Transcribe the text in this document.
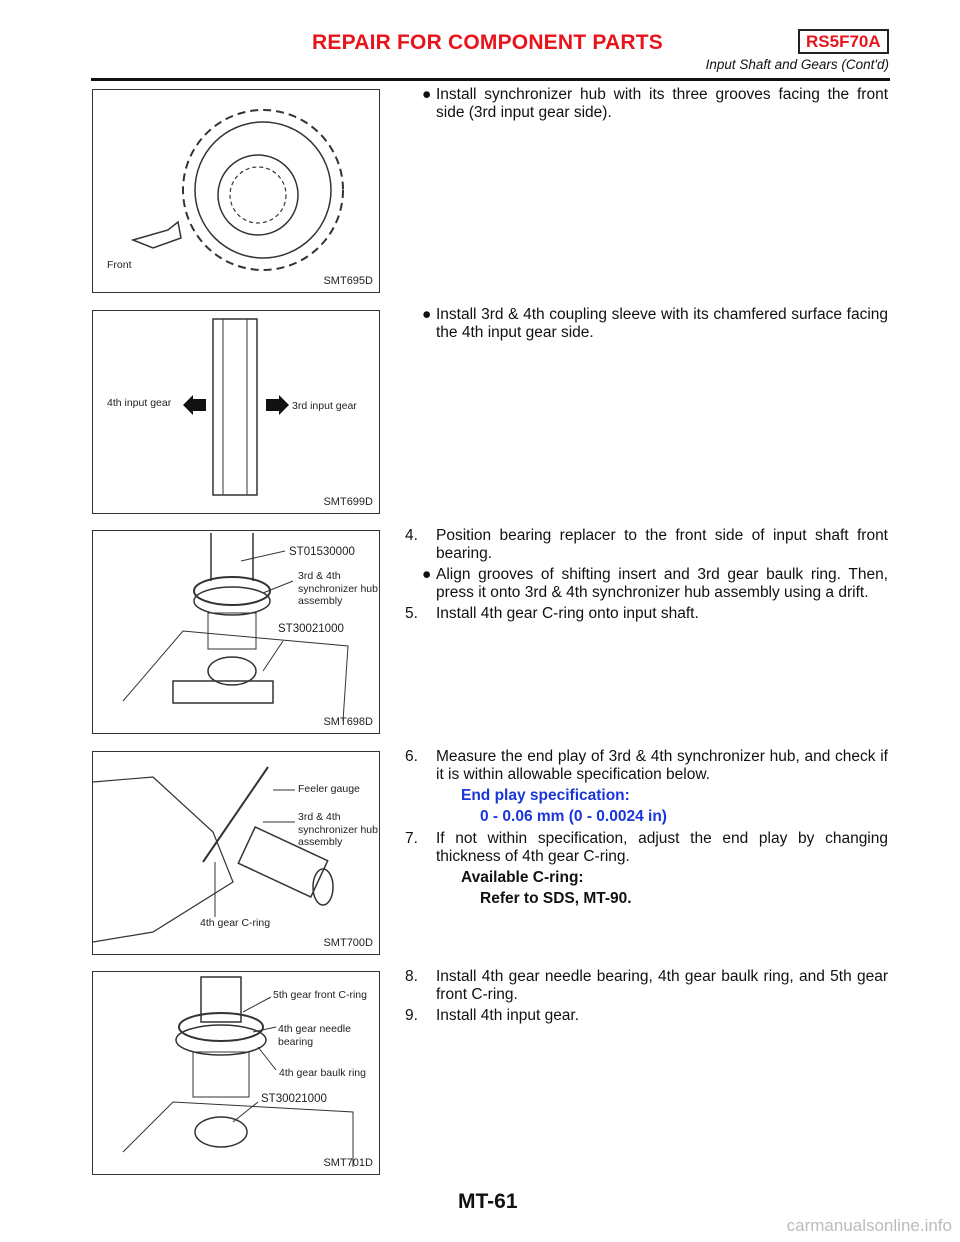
REPAIR FOR COMPONENT PARTS	RS5F70A
Input Shaft and Gears (Cont'd)
Front
SMT695D
4th input gear	3rd input gear
SMT699D
ST01530000
3rd & 4th synchronizer hub assembly
ST30021000
SMT698D
Feeler gauge
3rd & 4th synchronizer hub assembly
4th gear C-ring
SMT700D
5th gear front C-ring
4th gear needle bearing
4th gear baulk ring
ST30021000
SMT701D
● Install synchronizer hub with its three grooves facing the front side (3rd input gear side).
● Install 3rd & 4th coupling sleeve with its chamfered surface facing the 4th input gear side.
4.	Position bearing replacer to the front side of input shaft front bearing.
● Align grooves of shifting insert and 3rd gear baulk ring. Then, press it onto 3rd & 4th synchronizer hub assembly using a drift.
5.	Install 4th gear C-ring onto input shaft.
6.	Measure the end play of 3rd & 4th synchronizer hub, and check if it is within allowable specification below.
End play specification:
0 - 0.06 mm (0 - 0.0024 in)
7.	If not within specification, adjust the end play by changing thickness of 4th gear C-ring.
Available C-ring:
Refer to SDS, MT-90.
8.	Install 4th gear needle bearing, 4th gear baulk ring, and 5th gear front C-ring.
9.	Install 4th input gear.
MT-61
carmanualsonline.info
